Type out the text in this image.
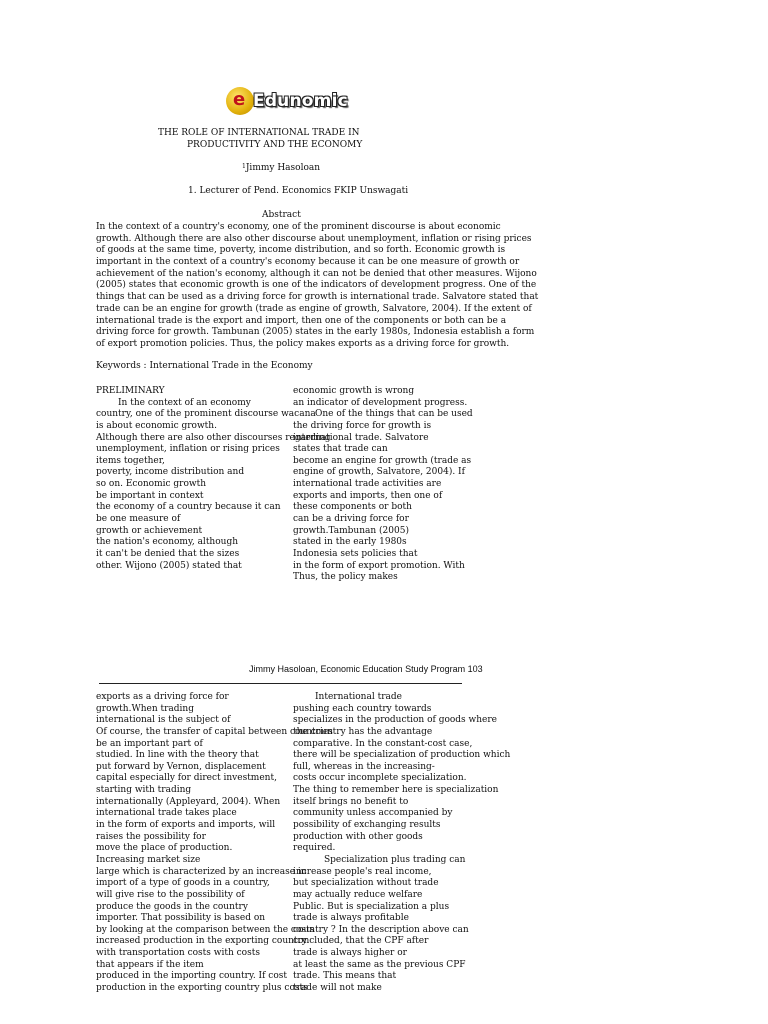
e Edunomic
THE ROLE OF INTERNATIONAL TRADE IN
PRODUCTIVITY AND THE ECONOMY
$^1$Jimmy Hasoloan
1. Lecturer of Pend. Economics FKIP Unswagati
Abstract
In the context of a country's economy, one of the prominent discourse is about economic
growth. Although there are also other discourse about unemployment, inflation or rising prices
of goods at the same time, poverty, income distribution, and so forth. Economic growth is
important in the context of a country's economy because it can be one measure of growth or
achievement of the nation's economy, although it can not be denied that other measures. Wijono
(2005) states that economic growth is one of the indicators of development progress. One of the
things that can be used as a driving force for growth is international trade. Salvatore stated that
trade can be an engine for growth (trade as engine of growth, Salvatore, 2004). If the extent of
international trade is the export and import, then one of the components or both can be a
driving force for growth. Tambunan (2005) states in the early 1980s, Indonesia establish a form
of export promotion policies. Thus, the policy makes exports as a driving force for growth.
Keywords : International Trade in the Economy
PRELIMINARY
In the context of an economy
country, one of the prominent discourse wacana
is about economic growth.
Although there are also other discourses regarding
unemployment, inflation or rising prices
items together,
poverty, income distribution and
so on. Economic growth
be important in context
the economy of a country because it can
be one measure of
growth or achievement
the nation's economy, although
it can't be denied that the sizes
other. Wijono (2005) stated that
economic growth is wrong
an indicator of development progress.
One of the things that can be used
the driving force for growth is
international trade. Salvatore
states that trade can
become an engine for growth (trade as
engine of growth, Salvatore, 2004). If
international trade activities are
exports and imports, then one of
these components or both
can be a driving force for
growth.Tambunan (2005)
stated in the early 1980s
Indonesia sets policies that
in the form of export promotion. With
Thus, the policy makes
Jimmy Hasoloan, Economic Education Study Program 103
exports as a driving force for
growth.When trading
international is the subject of
Of course, the transfer of capital between countries
be an important part of
studied. In line with the theory that
put forward by Vernon, displacement
capital especially for direct investment,
starting with trading
internationally (Appleyard, 2004). When
international trade takes place
in the form of exports and imports, will
raises the possibility for
move the place of production.
Increasing market size
large which is characterized by an increase in
import of a type of goods in a country,
will give rise to the possibility of
produce the goods in the country
importer. That possibility is based on
by looking at the comparison between the costs
increased production in the exporting country
with transportation costs with costs
that appears if the item
produced in the importing country. If cost
production in the exporting country plus costs
International trade
pushing each country towards
specializes in the production of goods where
the country has the advantage
comparative. In the constant-cost case,
there will be specialization of production which
full, whereas in the increasing-
costs occur incomplete specialization.
The thing to remember here is specialization
itself brings no benefit to
community unless accompanied by
possibility of exchanging results
production with other goods
required.
Specialization plus trading can
increase people's real income,
but specialization without trade
may actually reduce welfare
Public. But is specialization a plus
trade is always profitable
country ? In the description above can
concluded, that the CPF after
trade is always higher or
at least the same as the previous CPF
trade. This means that
trade will not make
